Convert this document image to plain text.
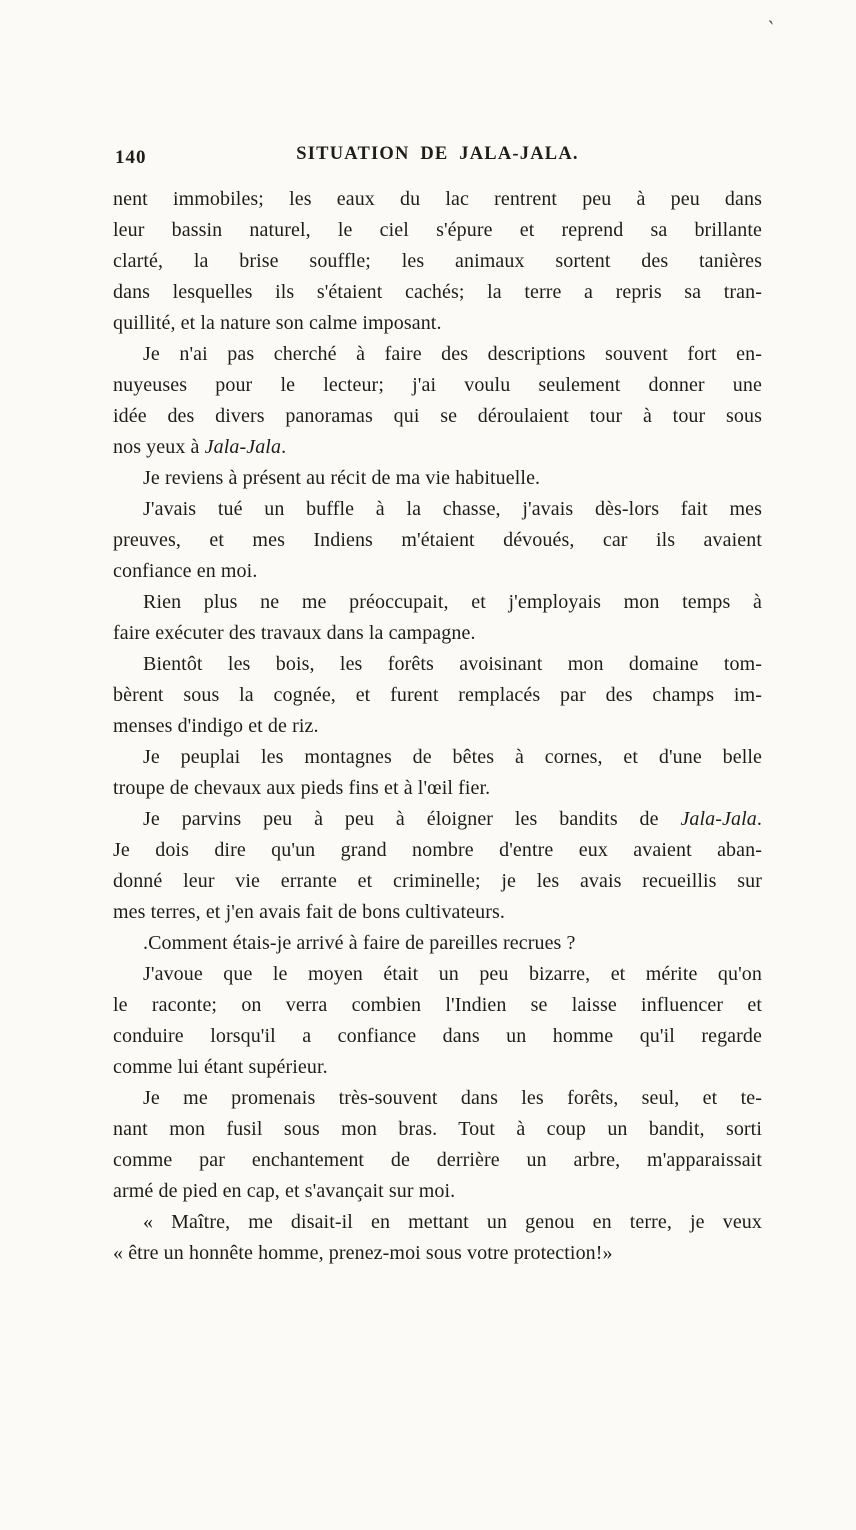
`
140	SITUATION DE JALA-JALA.
nent immobiles; les eaux du lac rentrent peu à peu dans
leur bassin naturel, le ciel s'épure et reprend sa brillante
clarté, la brise souffle; les animaux sortent des tanières
dans lesquelles ils s'étaient cachés; la terre a repris sa tran-
quillité, et la nature son calme imposant.
Je n'ai pas cherché à faire des descriptions souvent fort en-
nuyeuses pour le lecteur; j'ai voulu seulement donner une
idée des divers panoramas qui se déroulaient tour à tour sous
nos yeux à Jala-Jala.
Je reviens à présent au récit de ma vie habituelle.
J'avais tué un buffle à la chasse, j'avais dès-lors fait mes
preuves, et mes Indiens m'étaient dévoués, car ils avaient
confiance en moi.
Rien plus ne me préoccupait, et j'employais mon temps à
faire exécuter des travaux dans la campagne.
Bientôt les bois, les forêts avoisinant mon domaine tom-
bèrent sous la cognée, et furent remplacés par des champs im-
menses d'indigo et de riz.
Je peuplai les montagnes de bêtes à cornes, et d'une belle
troupe de chevaux aux pieds fins et à l'œil fier.
Je parvins peu à peu à éloigner les bandits de Jala-Jala.
Je dois dire qu'un grand nombre d'entre eux avaient aban-
donné leur vie errante et criminelle; je les avais recueillis sur
mes terres, et j'en avais fait de bons cultivateurs.
.Comment étais-je arrivé à faire de pareilles recrues ?
J'avoue que le moyen était un peu bizarre, et mérite qu'on
le raconte; on verra combien l'Indien se laisse influencer et
conduire lorsqu'il a confiance dans un homme qu'il regarde
comme lui étant supérieur.
Je me promenais très-souvent dans les forêts, seul, et te-
nant mon fusil sous mon bras. Tout à coup un bandit, sorti
comme par enchantement de derrière un arbre, m'apparaissait
armé de pied en cap, et s'avançait sur moi.
« Maître, me disait-il en mettant un genou en terre, je veux
« être un honnête homme, prenez-moi sous votre protection!»
